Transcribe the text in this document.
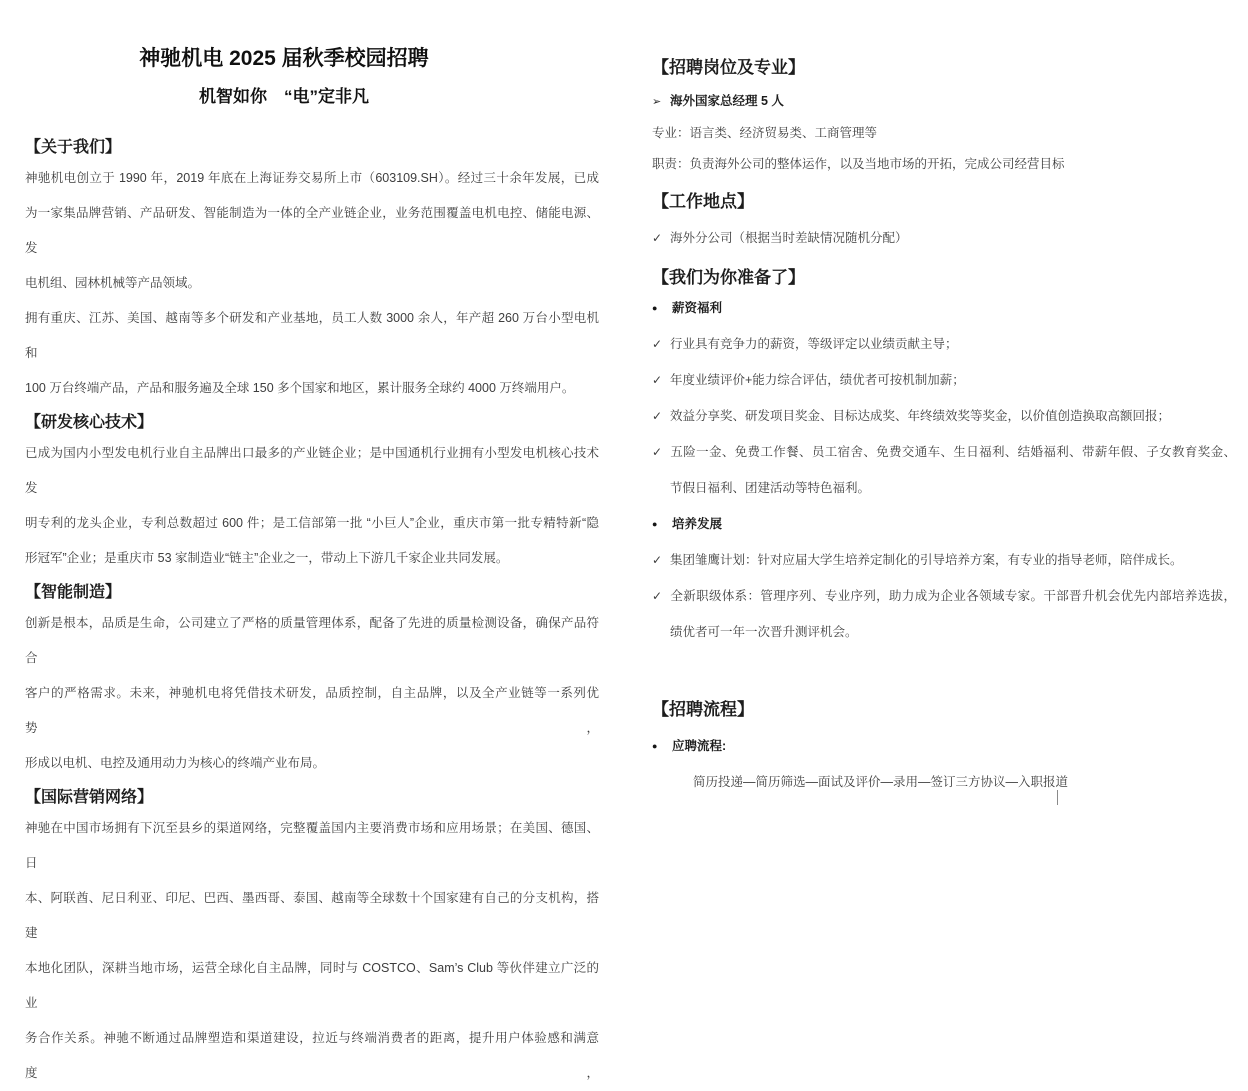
神驰机电 2025 届秋季校园招聘
机智如你　“电”定非凡
【关于我们】
神驰机电创立于 1990 年，2019 年底在上海证券交易所上市（603109.SH）。经过三十余年发展，已成
为一家集品牌营销、产品研发、智能制造为一体的全产业链企业，业务范围覆盖电机电控、储能电源、发
电机组、园林机械等产品领域。
拥有重庆、江苏、美国、越南等多个研发和产业基地，员工人数 3000 余人，年产超 260 万台小型电机和
100 万台终端产品，产品和服务遍及全球 150 多个国家和地区，累计服务全球约 4000 万终端用户。
【研发核心技术】
已成为国内小型发电机行业自主品牌出口最多的产业链企业；是中国通机行业拥有小型发电机核心技术发
明专利的龙头企业，专利总数超过 600 件；是工信部第一批 “小巨人”企业，重庆市第一批专精特新“隐
形冠军”企业；是重庆市 53 家制造业“链主”企业之一，带动上下游几千家企业共同发展。
【智能制造】
创新是根本，品质是生命，公司建立了严格的质量管理体系，配备了先进的质量检测设备，确保产品符合
客户的严格需求。未来，神驰机电将凭借技术研发，品质控制，自主品牌，以及全产业链等一系列优势，
形成以电机、电控及通用动力为核心的终端产业布局。
【国际营销网络】
神驰在中国市场拥有下沉至县乡的渠道网络，完整覆盖国内主要消费市场和应用场景；在美国、德国、日
本、阿联酋、尼日利亚、印尼、巴西、墨西哥、泰国、越南等全球数十个国家建有自己的分支机构，搭建
本地化团队，深耕当地市场，运营全球化自主品牌，同时与 COSTCO、Sam’s Club 等伙伴建立广泛的业
务合作关系。神驰不断通过品牌塑造和渠道建设，拉近与终端消费者的距离，提升用户体验感和满意度，
【招聘岗位及专业】
➢ 海外国家总经理 5 人
专业：语言类、经济贸易类、工商管理等
职责：负责海外公司的整体运作，以及当地市场的开拓，完成公司经营目标
【工作地点】
✓ 海外分公司（根据当时差缺情况随机分配）
【我们为你准备了】
● 薪资福利
✓ 行业具有竞争力的薪资，等级评定以业绩贡献主导；
✓ 年度业绩评价+能力综合评估，绩优者可按机制加薪；
✓ 效益分享奖、研发项目奖金、目标达成奖、年终绩效奖等奖金，以价值创造换取高额回报；
✓ 五险一金、免费工作餐、员工宿舍、免费交通车、生日福利、结婚福利、带薪年假、子女教育奖金、
节假日福利、团建活动等特色福利。
● 培养发展
✓ 集团雏鹰计划：针对应届大学生培养定制化的引导培养方案，有专业的指导老师，陪伴成长。
✓ 全新职级体系：管理序列、专业序列，助力成为企业各领域专家。干部晋升机会优先内部培养选拔，
绩优者可一年一次晋升测评机会。
【招聘流程】
● 应聘流程:
简历投递—简历筛选—面试及评价—录用—签订三方协议—入职报道
